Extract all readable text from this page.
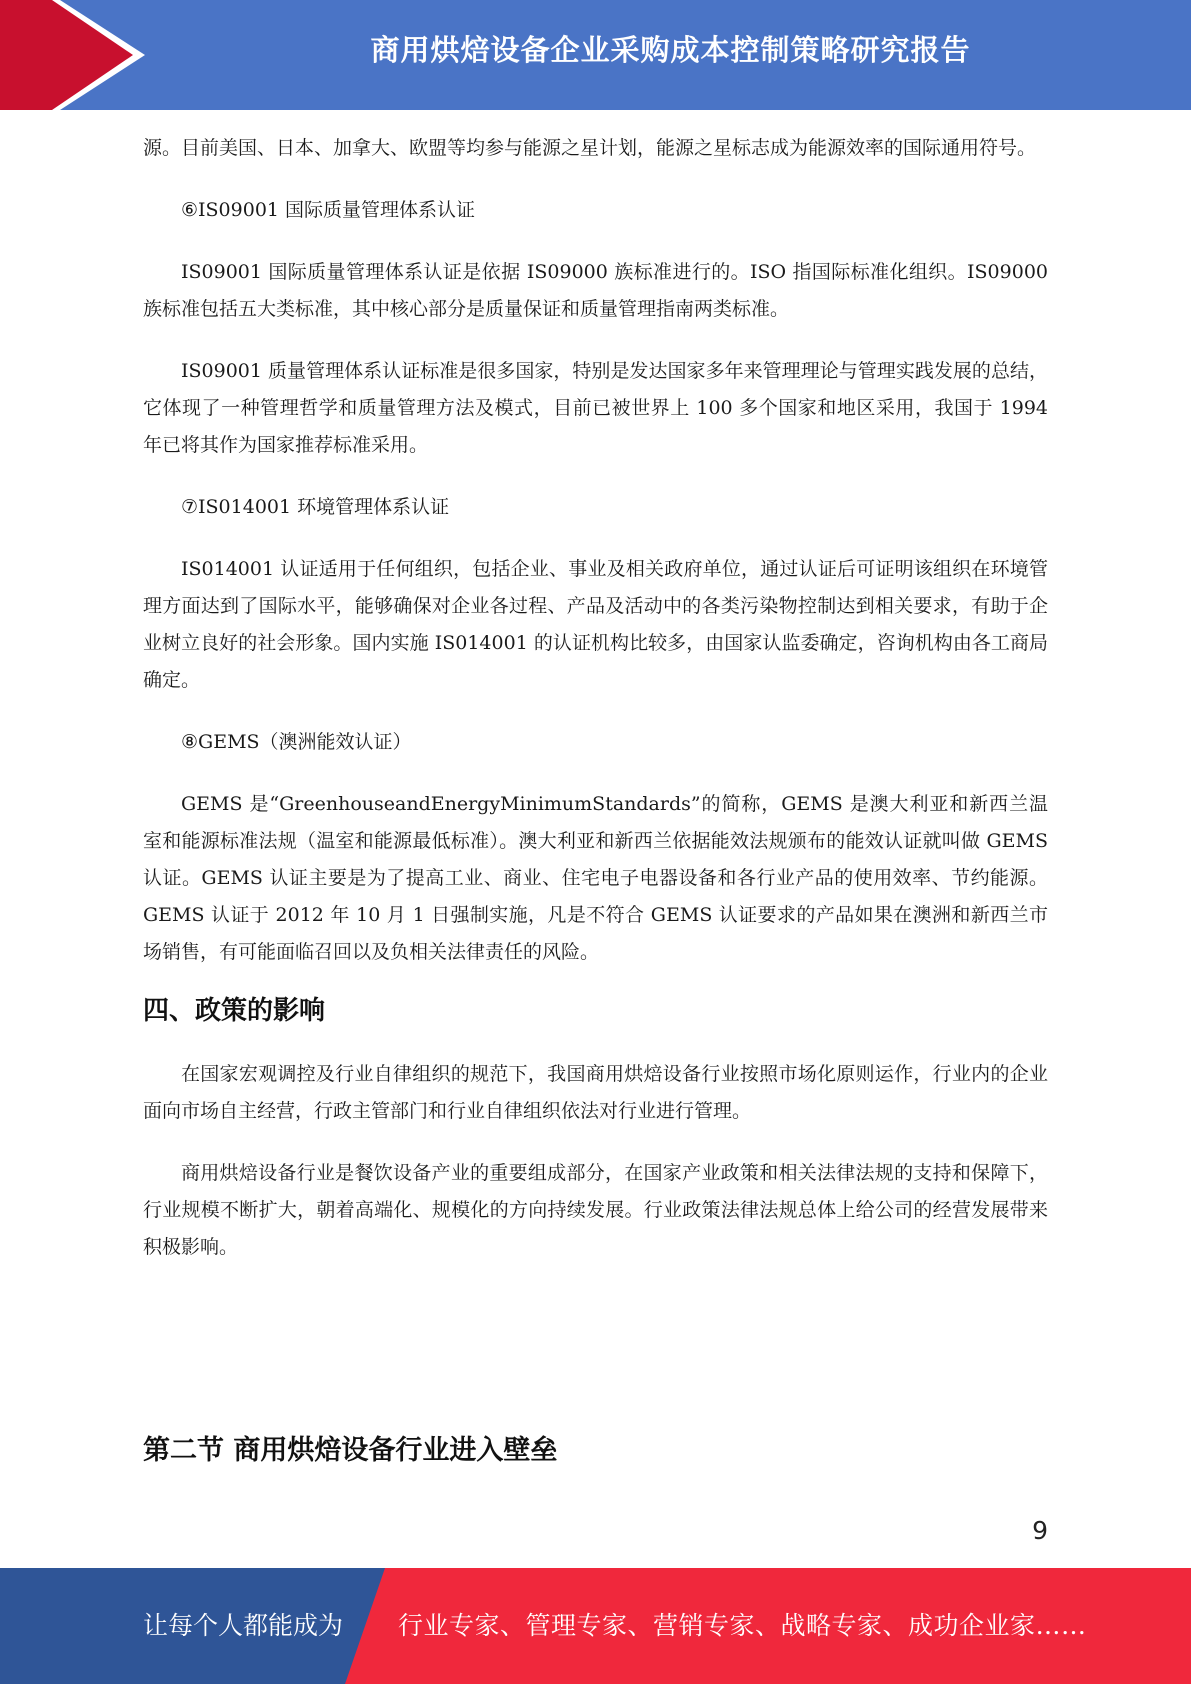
商用烘焙设备企业采购成本控制策略研究报告

源。目前美国、日本、加拿大、欧盟等均参与能源之星计划，能源之星标志成为能源效率的国际通用符号。

⑥IS09001 国际质量管理体系认证

IS09001 国际质量管理体系认证是依据 IS09000 族标准进行的。ISO 指国际标准化组织。IS09000 族标准包括五大类标准，其中核心部分是质量保证和质量管理指南两类标准。

IS09001 质量管理体系认证标准是很多国家，特别是发达国家多年来管理理论与管理实践发展的总结，它体现了一种管理哲学和质量管理方法及模式，目前已被世界上 100 多个国家和地区采用，我国于 1994 年已将其作为国家推荐标准采用。

⑦IS014001 环境管理体系认证

IS014001 认证适用于任何组织，包括企业、事业及相关政府单位，通过认证后可证明该组织在环境管理方面达到了国际水平，能够确保对企业各过程、产品及活动中的各类污染物控制达到相关要求，有助于企业树立良好的社会形象。国内实施 IS014001 的认证机构比较多，由国家认监委确定，咨询机构由各工商局确定。

⑧GEMS（澳洲能效认证）

GEMS 是“GreenhouseandEnergyMinimumStandards”的简称，GEMS 是澳大利亚和新西兰温室和能源标准法规（温室和能源最低标准）。澳大利亚和新西兰依据能效法规颁布的能效认证就叫做 GEMS 认证。GEMS 认证主要是为了提高工业、商业、住宅电子电器设备和各行业产品的使用效率、节约能源。GEMS 认证于 2012 年 10 月 1 日强制实施，凡是不符合 GEMS 认证要求的产品如果在澳洲和新西兰市场销售，有可能面临召回以及负相关法律责任的风险。

四、政策的影响

在国家宏观调控及行业自律组织的规范下，我国商用烘焙设备行业按照市场化原则运作，行业内的企业面向市场自主经营，行政主管部门和行业自律组织依法对行业进行管理。

商用烘焙设备行业是餐饮设备产业的重要组成部分，在国家产业政策和相关法律法规的支持和保障下，行业规模不断扩大，朝着高端化、规模化的方向持续发展。行业政策法律法规总体上给公司的经营发展带来积极影响。

第二节 商用烘焙设备行业进入壁垒
9
让每个人都能成为 行业专家、管理专家、营销专家、战略专家、成功企业家……
